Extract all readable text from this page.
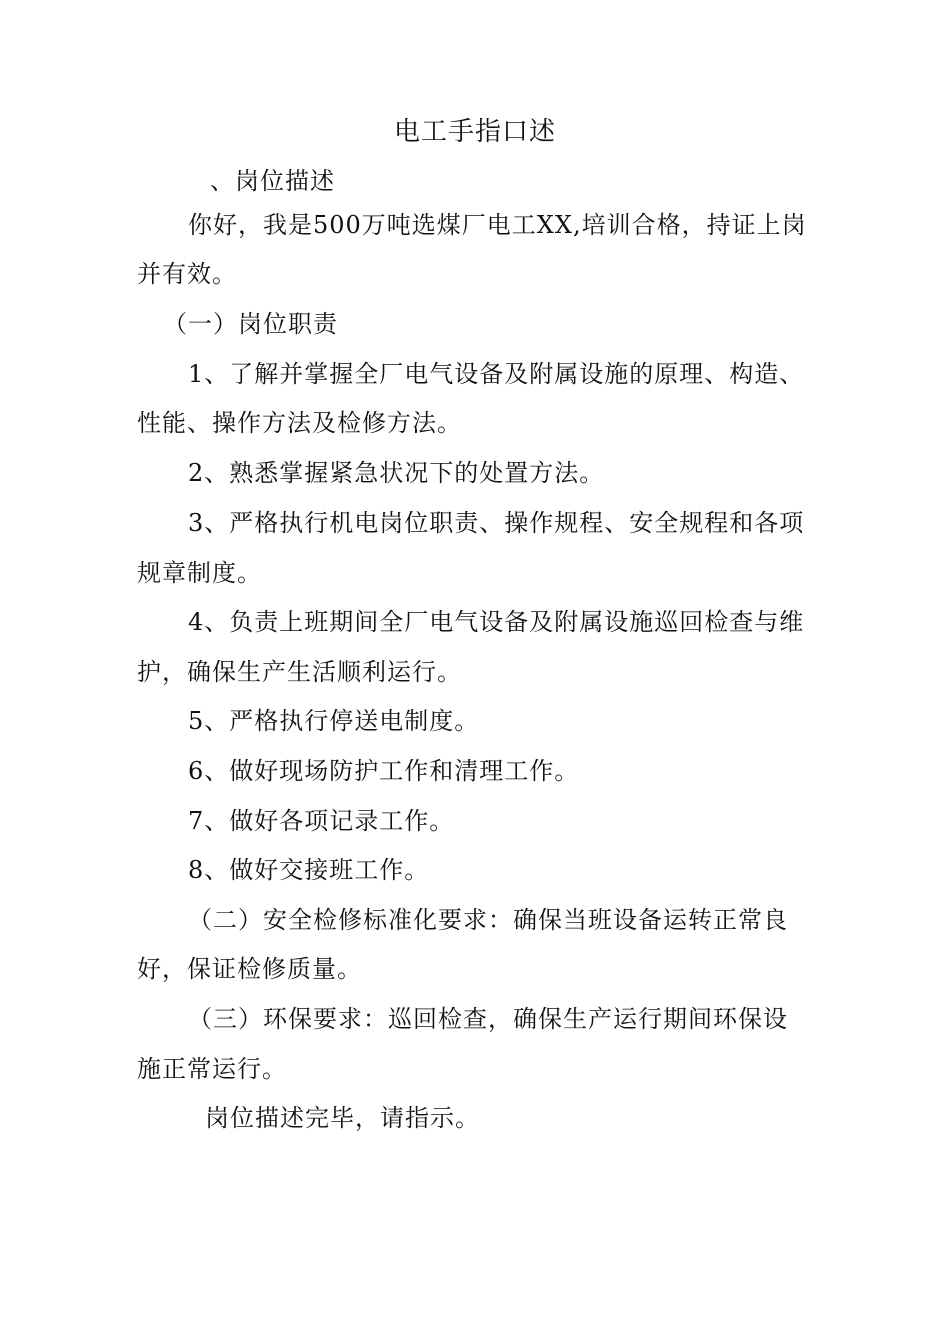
电工手指口述
、岗位描述
你好，我是500万吨选煤厂电工XX,培训合格，持证上岗
并有效。
（一）岗位职责
1、了解并掌握全厂电气设备及附属设施的原理、构造、
性能、操作方法及检修方法。
2、熟悉掌握紧急状况下的处置方法。
3、严格执行机电岗位职责、操作规程、安全规程和各项
规章制度。
4、负责上班期间全厂电气设备及附属设施巡回检查与维
护，确保生产生活顺利运行。
5、严格执行停送电制度。
6、做好现场防护工作和清理工作。
7、做好各项记录工作。
8、做好交接班工作。
（二）安全检修标准化要求：确保当班设备运转正常良
好，保证检修质量。
（三）环保要求：巡回检查，确保生产运行期间环保设
施正常运行。
岗位描述完毕，请指示。
